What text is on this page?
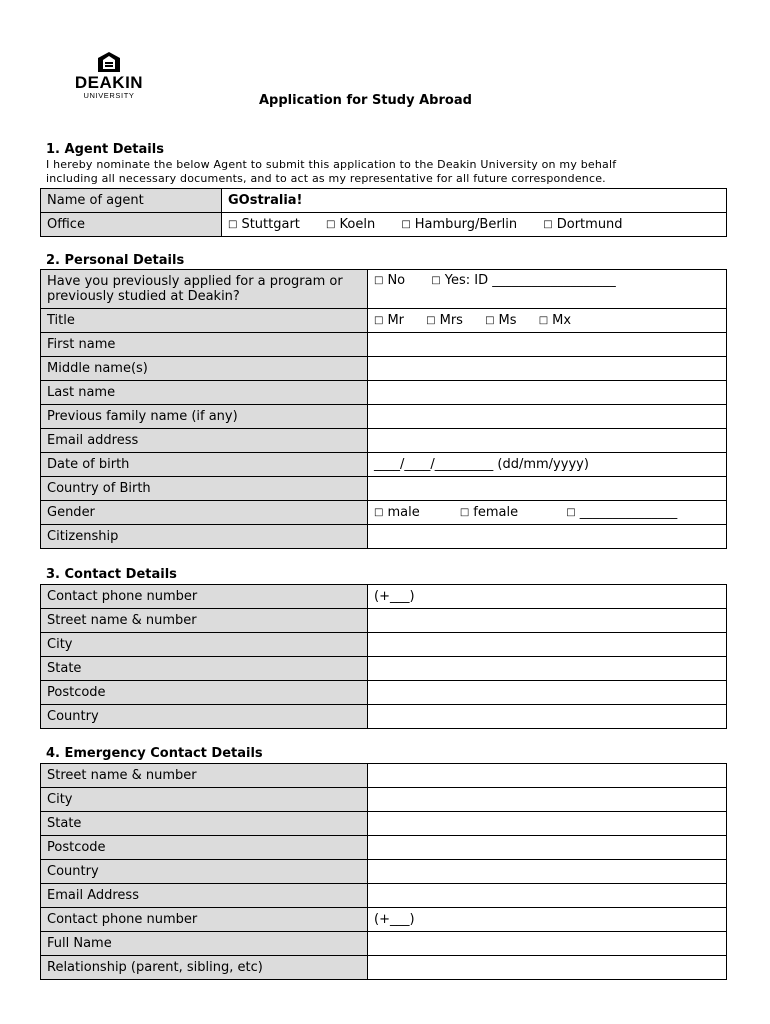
DEAKIN
UNIVERSITY	Application for Study Abroad
1. Agent Details
I hereby nominate the below Agent to submit this application to the Deakin University on my behalf
including all necessary documents, and to act as my representative for all future correspondence.
Name of agent	GOstralia!
Office	□ Stuttgart □ Koeln □ Hamburg/Berlin □ Dortmund
2. Personal Details
Have you previously applied for a program or previously studied at Deakin?	□ No □ Yes: ID ___________________
Title	□ Mr □ Mrs □ Ms □ Mx
First name	
Middle name(s)	
Last name	
Previous family name (if any)	
Email address	
Date of birth	____/____/_________ (dd/mm/yyyy)
Country of Birth	
Gender	□ male □ female □ _______________
Citizenship	
3. Contact Details
Contact phone number	(+___)
Street name & number	
City	
State	
Postcode	
Country	
4. Emergency Contact Details
Street name & number	
City	
State	
Postcode	
Country	
Email Address	
Contact phone number	(+___)
Full Name	
Relationship (parent, sibling, etc)	
